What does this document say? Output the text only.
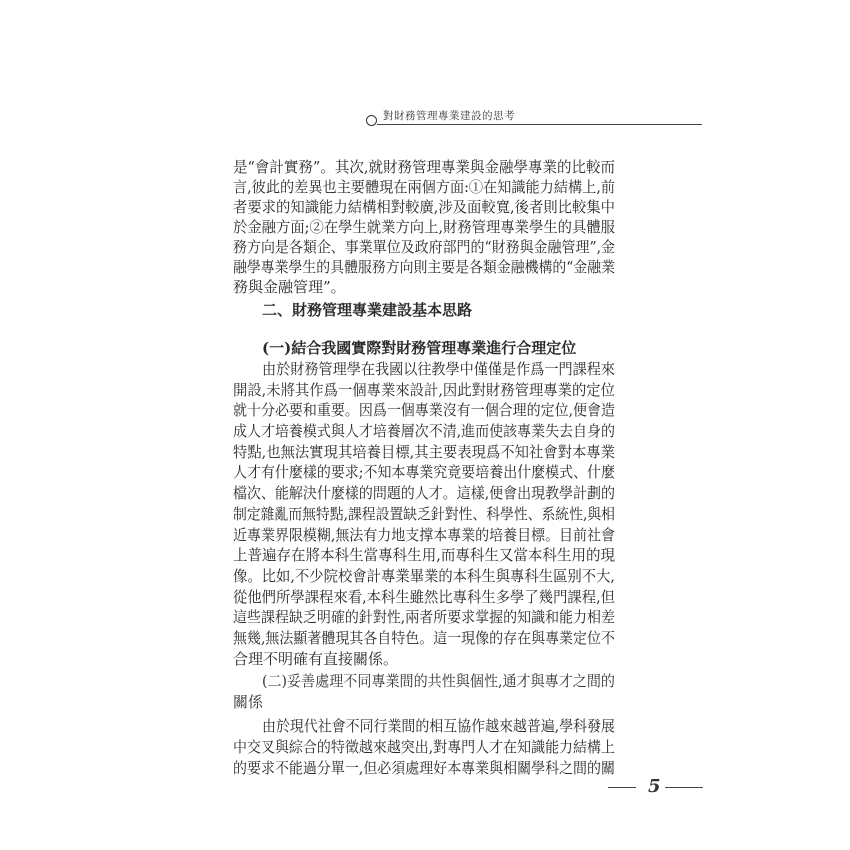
對財務管理專業建設的思考
是“會計實務”。其次,就財務管理專業與金融學專業的比較而
言,彼此的差異也主要體現在兩個方面:①在知識能力結構上,前
者要求的知識能力結構相對較廣,涉及面較寬,後者則比較集中
於金融方面;②在學生就業方向上,財務管理專業學生的具體服
務方向是各類企、事業單位及政府部門的“財務與金融管理”,金
融學專業學生的具體服務方向則主要是各類金融機構的“金融業
務與金融管理”。
二、財務管理專業建設基本思路
(一)結合我國實際對財務管理專業進行合理定位
由於財務管理學在我國以往教學中僅僅是作爲一門課程來
開設,未將其作爲一個專業來設計,因此對財務管理專業的定位
就十分必要和重要。因爲一個專業沒有一個合理的定位,便會造
成人才培養模式與人才培養層次不清,進而使該專業失去自身的
特點,也無法實現其培養目標,其主要表現爲不知社會對本專業
人才有什麼樣的要求;不知本專業究竟要培養出什麼模式、什麼
檔次、能解決什麼樣的問題的人才。這樣,便會出現教學計劃的
制定雜亂而無特點,課程設置缺乏針對性、科學性、系統性,與相
近專業界限模糊,無法有力地支撑本專業的培養目標。目前社會
上普遍存在將本科生當專科生用,而專科生又當本科生用的現
像。比如,不少院校會計專業畢業的本科生與專科生區别不大,
從他們所學課程來看,本科生雖然比專科生多學了幾門課程,但
這些課程缺乏明確的針對性,兩者所要求掌握的知識和能力相差
無幾,無法顯著體現其各自特色。這一現像的存在與專業定位不
合理不明確有直接關係。
(二)妥善處理不同專業間的共性與個性,通才與專才之間的
關係
由於現代社會不同行業間的相互協作越來越普遍,學科發展
中交叉與綜合的特徵越來越突出,對專門人才在知識能力結構上
的要求不能過分單一,但必須處理好本專業與相關學科之間的關
5
